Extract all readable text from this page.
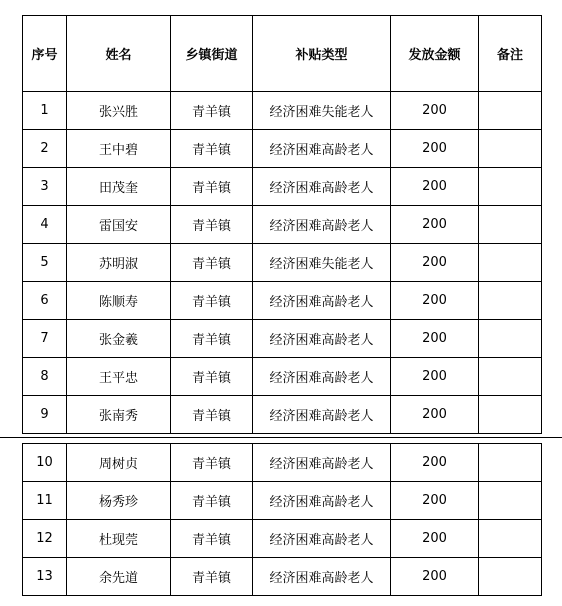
序号	姓名	乡镇街道	补贴类型	发放金额	备注
1	张兴胜	青羊镇	经济困难失能老人	200	
2	王中碧	青羊镇	经济困难高龄老人	200	
3	田茂奎	青羊镇	经济困难高龄老人	200	
4	雷国安	青羊镇	经济困难高龄老人	200	
5	苏明淑	青羊镇	经济困难失能老人	200	
6	陈顺寿	青羊镇	经济困难高龄老人	200	
7	张金羲	青羊镇	经济困难高龄老人	200	
8	王平忠	青羊镇	经济困难高龄老人	200	
9	张南秀	青羊镇	经济困难高龄老人	200	
10	周树贞	青羊镇	经济困难高龄老人	200	
11	杨秀珍	青羊镇	经济困难高龄老人	200	
12	杜现莞	青羊镇	经济困难高龄老人	200	
13	余先道	青羊镇	经济困难高龄老人	200	
